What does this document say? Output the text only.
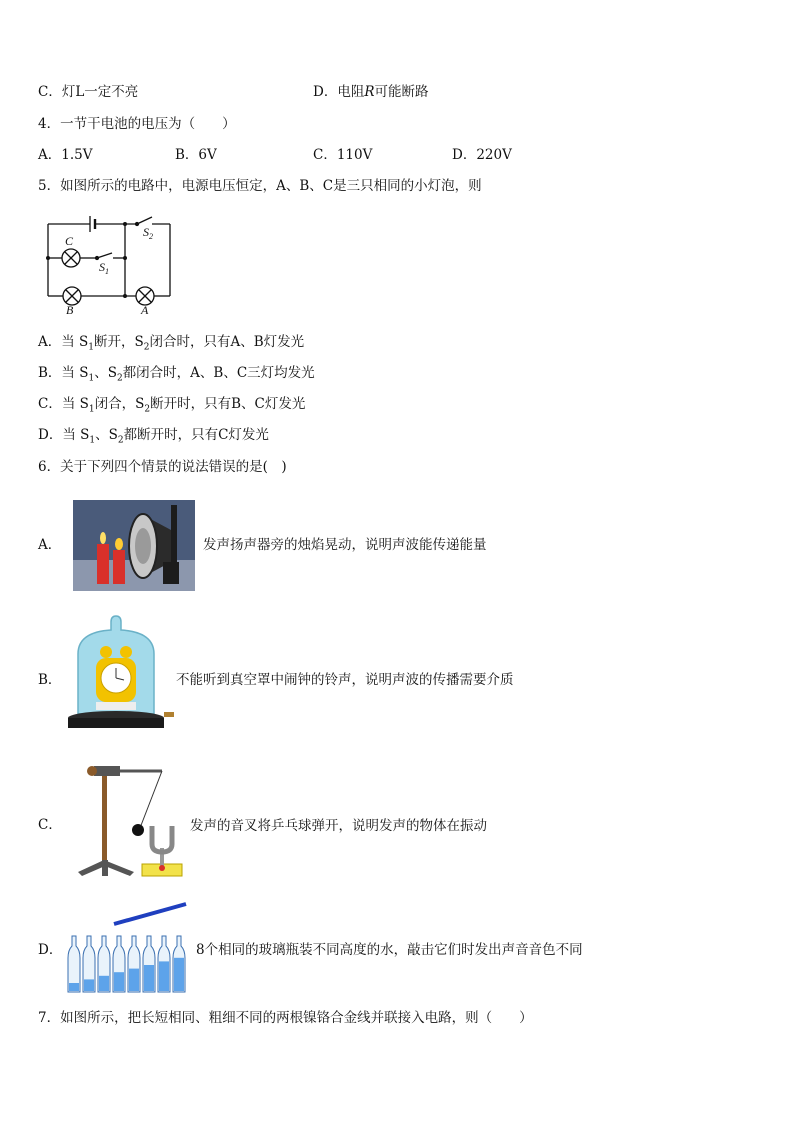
C．灯L一定不亮	D．电阻R可能断路
4．一节干电池的电压为（　　）
A．1.5V	B．6V	C．110V	D．220V
5．如图所示的电路中，电源电压恒定，A、B、C是三只相同的小灯泡，则
C
$S_1$
$S_2$
B	A
A．当 $S_1$断开，$S_2$闭合时，只有A、B灯发光
B．当 $S_1$、$S_2$都闭合时，A、B、C三灯均发光
C．当 $S_1$闭合，$S_2$断开时，只有B、C灯发光
D．当 $S_1$、$S_2$都断开时，只有C灯发光
6．关于下列四个情景的说法错误的是(　)
A．	发声扬声器旁的烛焰晃动，说明声波能传递能量
B．	不能听到真空罩中闹钟的铃声，说明声波的传播需要介质
C．	发声的音叉将乒乓球弹开，说明发声的物体在振动
D．	8个相同的玻璃瓶装不同高度的水，敲击它们时发出声音音色不同
7．如图所示，把长短相同、粗细不同的两根镍铬合金线并联接入电路，则（　　）
